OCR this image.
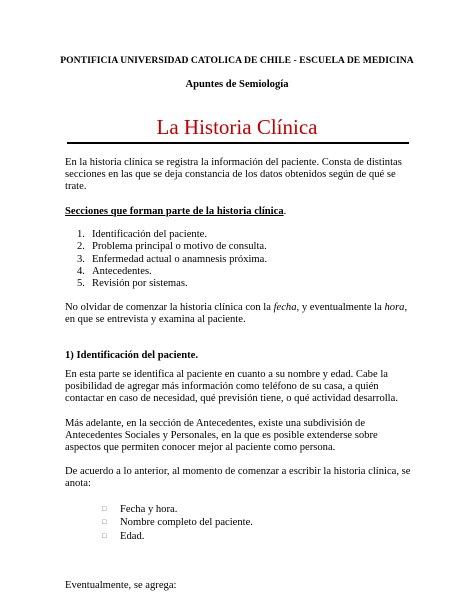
PONTIFICIA UNIVERSIDAD CATOLICA DE CHILE - ESCUELA DE MEDICINA
Apuntes de Semiología
La Historia Clínica
En la historia clínica se registra la información del paciente. Consta de distintas secciones en las que se deja constancia de los datos obtenidos según de qué se trate.
Secciones que forman parte de la historia clínica.
1. Identificación del paciente.
2. Problema principal o motivo de consulta.
3. Enfermedad actual o anamnesis próxima.
4. Antecedentes.
5. Revisión por sistemas.
No olvidar de comenzar la historia clínica con la fecha, y eventualmente la hora, en que se entrevista y examina al paciente.
1) Identificación del paciente.
En esta parte se identifica al paciente en cuanto a su nombre y edad. Cabe la posibilidad de agregar más información como teléfono de su casa, a quién contactar en caso de necesidad, qué previsión tiene, o qué actividad desarrolla.
Más adelante, en la sección de Antecedentes, existe una subdivisión de Antecedentes Sociales y Personales, en la que es posible extenderse sobre aspectos que permiten conocer mejor al paciente como persona.
De acuerdo a lo anterior, al momento de comenzar a escribir la historia clínica, se anota:
□ Fecha y hora.
□ Nombre completo del paciente.
□ Edad.
Eventualmente, se agrega:
